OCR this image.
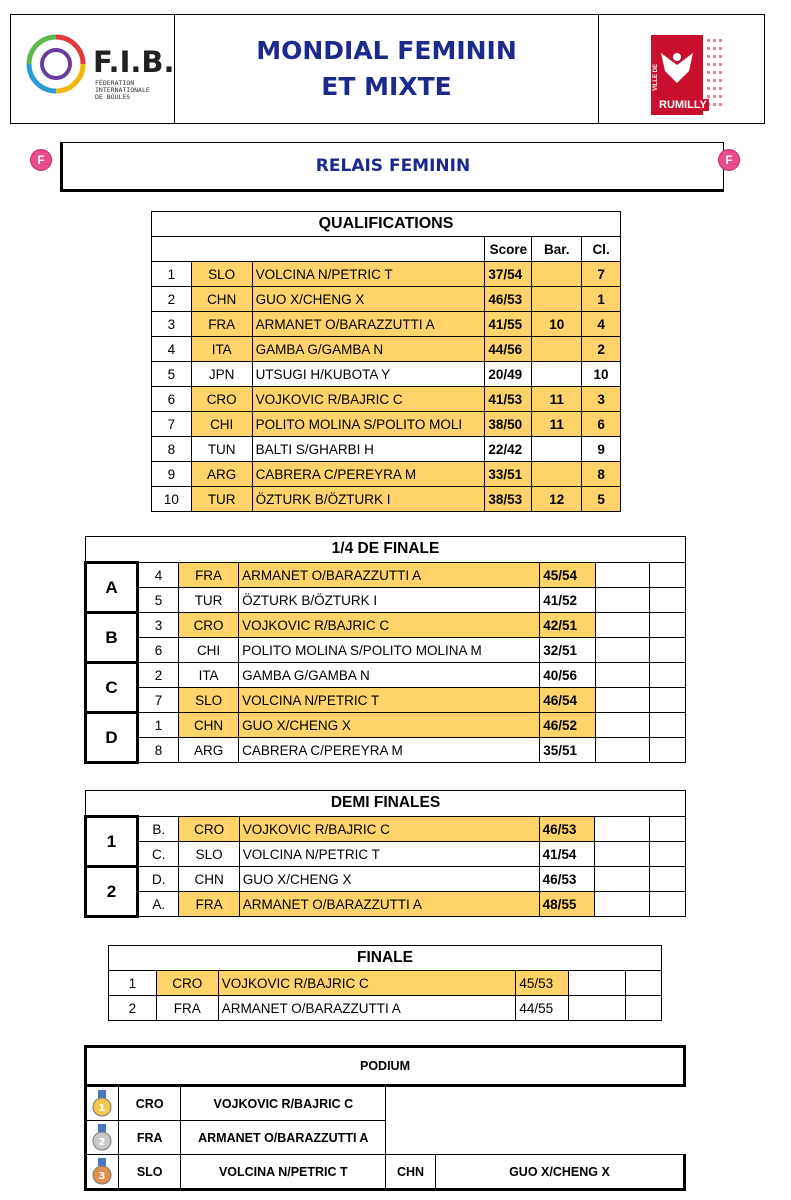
F.I.B.
FÉDERATION
INTERNATIONALE
DE BOULES
MONDIAL FEMININ
ET MIXTE	VILLE DE
RUMILLY
F	RELAIS FEMININ	F
QUALIFICATIONS					
			Score	Bar.	Cl.
1	SLO	VOLCINA N/PETRIC T	37/54		7
2	CHN	GUO X/CHENG X	46/53		1
3	FRA	ARMANET O/BARAZZUTTI A	41/55	10	4
4	ITA	GAMBA G/GAMBA N	44/56		2
5	JPN	UTSUGI H/KUBOTA Y	20/49		10
6	CRO	VOJKOVIC R/BAJRIC C	41/53	11	3
7	CHI	POLITO MOLINA S/POLITO MOLI	38/50	11	6
8	TUN	BALTI S/GHARBI H	22/42		9
9	ARG	CABRERA C/PEREYRA M	33/51		8
10	TUR	ÖZTURK B/ÖZTURK I	38/53	12	5
1/4 DE FINALE						
A	4	FRA	ARMANET O/BARAZZUTTI A	45/54		
	5	TUR	ÖZTURK B/ÖZTURK I	41/52		
B	3	CRO	VOJKOVIC R/BAJRIC C	42/51		
	6	CHI	POLITO MOLINA S/POLITO MOLINA M	32/51		
C	2	ITA	GAMBA G/GAMBA N	40/56		
	7	SLO	VOLCINA N/PETRIC T	46/54		
D	1	CHN	GUO X/CHENG X	46/52		
	8	ARG	CABRERA C/PEREYRA M	35/51		
DEMI FINALES						
1	B.	CRO	VOJKOVIC R/BAJRIC C	46/53		
	C.	SLO	VOLCINA N/PETRIC T	41/54		
2	D.	CHN	GUO X/CHENG X	46/53		
	A.	FRA	ARMANET O/BARAZZUTTI A	48/55		
FINALE					
1	CRO	VOJKOVIC R/BAJRIC C	45/53		
2	FRA	ARMANET O/BARAZZUTTI A	44/55		
PODIUM				

1	CRO	VOJKOVIC R/BAJRIC C		

2	FRA	ARMANET O/BARAZZUTTI A		

3	SLO	VOLCINA N/PETRIC T	CHN	GUO X/CHENG X
